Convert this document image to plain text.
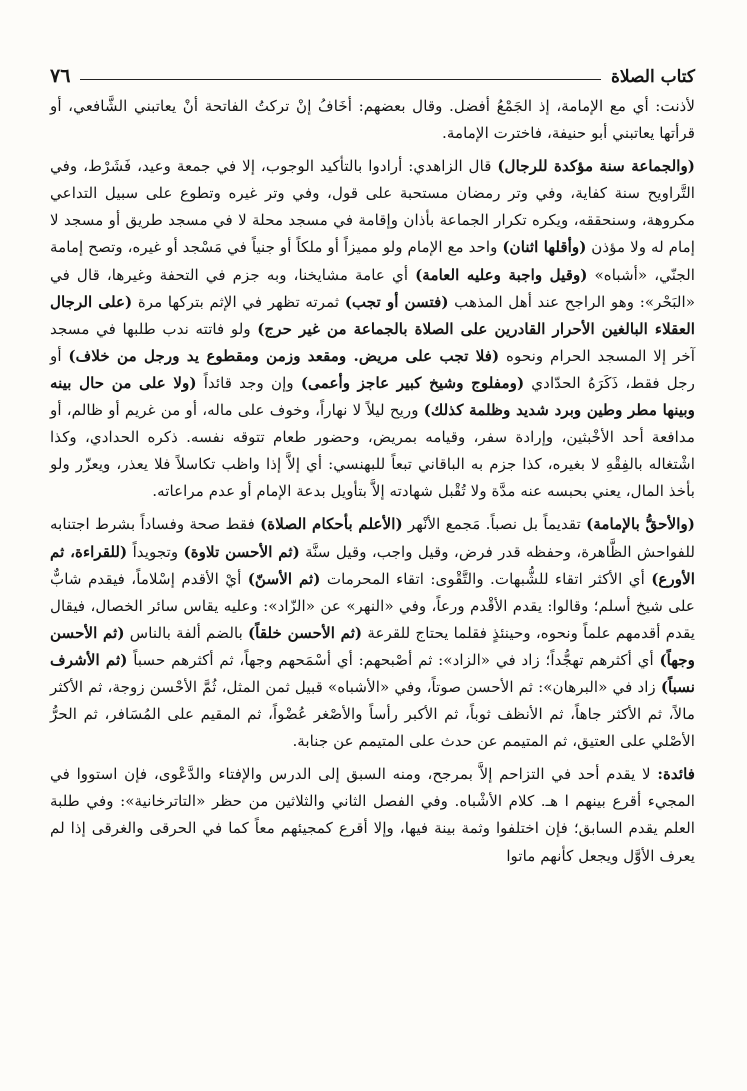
٧٦	كتاب الصلاة

لأذنت: أي مع الإمامة، إذ الجَمْعُ أفضل. وقال بعضهم: أخَافُ إنْ تركتُ الفاتحة أنْ يعاتبني الشَّافعي، أو قرأتها يعاتبني أبو حنيفة، فاخترت الإمامة.

(والجماعة سنة مؤكدة للرجال) قال الزاهدي: أرادوا بالتأكيد الوجوب، إلا في جمعة وعيد، فَشَرْط، وفي التَّراويح سنة كفاية، وفي وتر رمضان مستحبة على قول، وفي وتر غيره وتطوع على سبيل التداعي مكروهة، وسنحققه، ويكره تكرار الجماعة بأذان وإقامة في مسجد محلة لا في مسجد طريق أو مسجد لا إمام له ولا مؤذن (وأقلها اثنان) واحد مع الإمام ولو مميزاً أو ملكاً أو جنياً في مَسْجد أو غيره، وتصح إمامة الجنّي، «أشباه» (وقيل واجبة وعليه العامة) أي عامة مشايخنا، وبه جزم في التحفة وغيرها، قال في «البَحْر»: وهو الراجح عند أهل المذهب (فتسن أو تجب) ثمرته تظهر في الإثم بتركها مرة (على الرجال العقلاء البالغين الأحرار القادرين على الصلاة بالجماعة من غير حرج) ولو فاتته ندب طلبها في مسجد آخر إلا المسجد الحرام ونحوه (فلا تجب على مريض. ومقعد وزمن ومقطوع يد ورجل من خلاف) أو رجل فقط، ذَكَرَهُ الحدّادي (ومفلوج وشيخ كبير عاجز وأعمى) وإن وجد قائداً (ولا على من حال بينه وبينها مطر وطين وبرد شديد وظلمة كذلك) وريح ليلاً لا نهاراً، وخوف على ماله، أو من غريم أو ظالم، أو مدافعة أحد الأخْبثين، وإرادة سفر، وقيامه بمريض، وحضور طعام تتوقه نفسه. ذكره الحدادي، وكذا اشْتغاله بالفِقْهِ لا بغيره، كذا جزم به الباقاني تبعاً للبهنسي: أي إلاَّ إذا واظب تكاسلاً فلا يعذر، ويعزّر ولو بأخذ المال، يعني بحبسه عنه مدَّة ولا تُقْبل شهادته إلاَّ بتأويل بدعة الإمام أو عدم مراعاته.

(والأحقُّ بالإمامة) تقديماً بل نصباً. مَجمع الأنْهر (الأعلم بأحكام الصلاة) فقط صحة وفساداً بشرط اجتنابه للفواحش الظَّاهرة، وحفظه قدر فرض، وقيل واجب، وقيل سنَّة (ثم الأحسن تلاوة) وتجويداً (للقراءة، ثم الأورع) أي الأكثر اتقاء للشُّبهات. والتَّقْوى: اتقاء المحرمات (ثم الأسنّ) أيْ الأقدم إسْلاماً، فيقدم شابٌّ على شيخ أسلم؛ وقالوا: يقدم الأقْدم ورعاً، وفي «النهر» عن «الزّاد»: وعليه يقاس سائر الخصال، فيقال يقدم أقدمهم علماً ونحوه، وحينئذٍ فقلما يحتاج للقرعة (ثم الأحسن خلقاً) بالضم ألفة بالناس (ثم الأحسن وجهاً) أي أكثرهم تهجُّداً؛ زاد في «الزاد»: ثم أصْبحهم: أي أسْمَحهم وجهاً، ثم أكثرهم حسباً (ثم الأشرف نسباً) زاد في «البرهان»: ثم الأحسن صوتاً، وفي «الأشباه» قبيل ثمن المثل، ثُمَّ الأحْسن زوجة، ثم الأكثر مالاً، ثم الأكثر جاهاً، ثم الأنظف ثوباً، ثم الأكبر رأساً والأصْغر عُضْواً، ثم المقيم على المُسَافر، ثم الحرُّ الأصْلي على العتيق، ثم المتيمم عن حدث على المتيمم عن جنابة.

فائدة: لا يقدم أحد في التزاحم إلاَّ بمرجح، ومنه السبق إلى الدرس والإفتاء والدَّعْوى، فإن استووا في المجيء أقرع بينهم ا هـ. كلام الأشْباه. وفي الفصل الثاني والثلاثين من حظر «التاترخانية»: وفي طلبة العلم يقدم السابق؛ فإن اختلفوا وثمة بينة فيها، وإلا أقرع كمجيئهم معاً كما في الحرقى والغرقى إذا لم يعرف الأوَّل ويجعل كأنهم ماتوا
